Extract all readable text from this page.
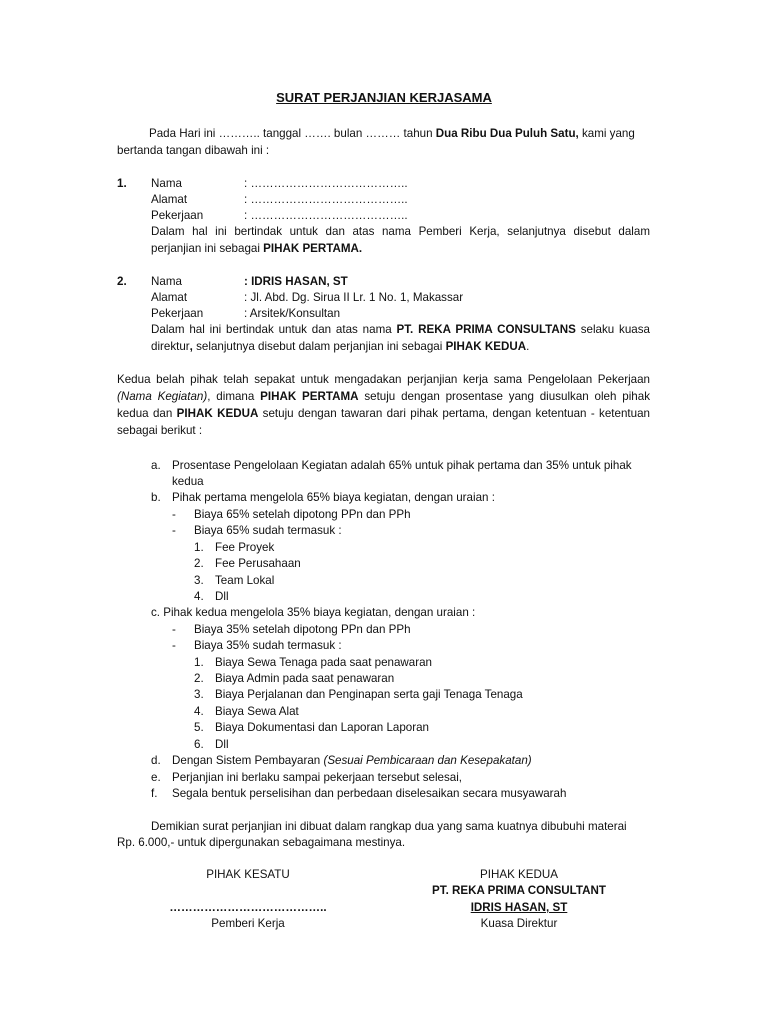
SURAT PERJANJIAN KERJASAMA
Pada Hari ini ……….. tanggal ……. bulan ……… tahun Dua Ribu Dua Puluh Satu, kami yang
bertanda tangan dibawah ini :
1. Nama	: …………………………………..
Alamat	: …………………………………..
Pekerjaan	: …………………………………..
Dalam hal ini bertindak untuk dan atas nama Pemberi Kerja, selanjutnya disebut dalam perjanjian ini sebagai PIHAK PERTAMA.
2. Nama	: IDRIS HASAN, ST
Alamat	: Jl. Abd. Dg. Sirua II Lr. 1 No. 1, Makassar
Pekerjaan	: Arsitek/Konsultan
Dalam hal ini bertindak untuk dan atas nama PT. REKA PRIMA CONSULTANS selaku kuasa direktur, selanjutnya disebut dalam perjanjian ini sebagai PIHAK KEDUA.
Kedua belah pihak telah sepakat untuk mengadakan perjanjian kerja sama Pengelolaan Pekerjaan (Nama Kegiatan), dimana PIHAK PERTAMA setuju dengan prosentase yang diusulkan oleh pihak kedua dan PIHAK KEDUA setuju dengan tawaran dari pihak pertama, dengan ketentuan - ketentuan sebagai berikut :
a. Prosentase Pengelolaan Kegiatan adalah 65% untuk pihak pertama dan 35% untuk pihak
kedua
b. Pihak pertama mengelola 65% biaya kegiatan, dengan uraian :
- Biaya 65% setelah dipotong PPn dan PPh
- Biaya 65% sudah termasuk :
1. Fee Proyek
2. Fee Perusahaan
3. Team Lokal
4. Dll
c. Pihak kedua mengelola 35% biaya kegiatan, dengan uraian :
- Biaya 35% setelah dipotong PPn dan PPh
- Biaya 35% sudah termasuk :
1. Biaya Sewa Tenaga pada saat penawaran
2. Biaya Admin pada saat penawaran
3. Biaya Perjalanan dan Penginapan serta gaji Tenaga Tenaga
4. Biaya Sewa Alat
5. Biaya Dokumentasi dan Laporan Laporan
6. Dll
d. Dengan Sistem Pembayaran (Sesuai Pembicaraan dan Kesepakatan)
e. Perjanjian ini berlaku sampai pekerjaan tersebut selesai,
f. Segala bentuk perselisihan dan perbedaan diselesaikan secara musyawarah
Demikian surat perjanjian ini dibuat dalam rangkap dua yang sama kuatnya dibubuhi materai
Rp. 6.000,- untuk dipergunakan sebagaimana mestinya.
PIHAK KESATU
…………………………………..
Pemberi Kerja
PIHAK KEDUA
PT. REKA PRIMA CONSULTANT
IDRIS HASAN, ST
Kuasa Direktur
